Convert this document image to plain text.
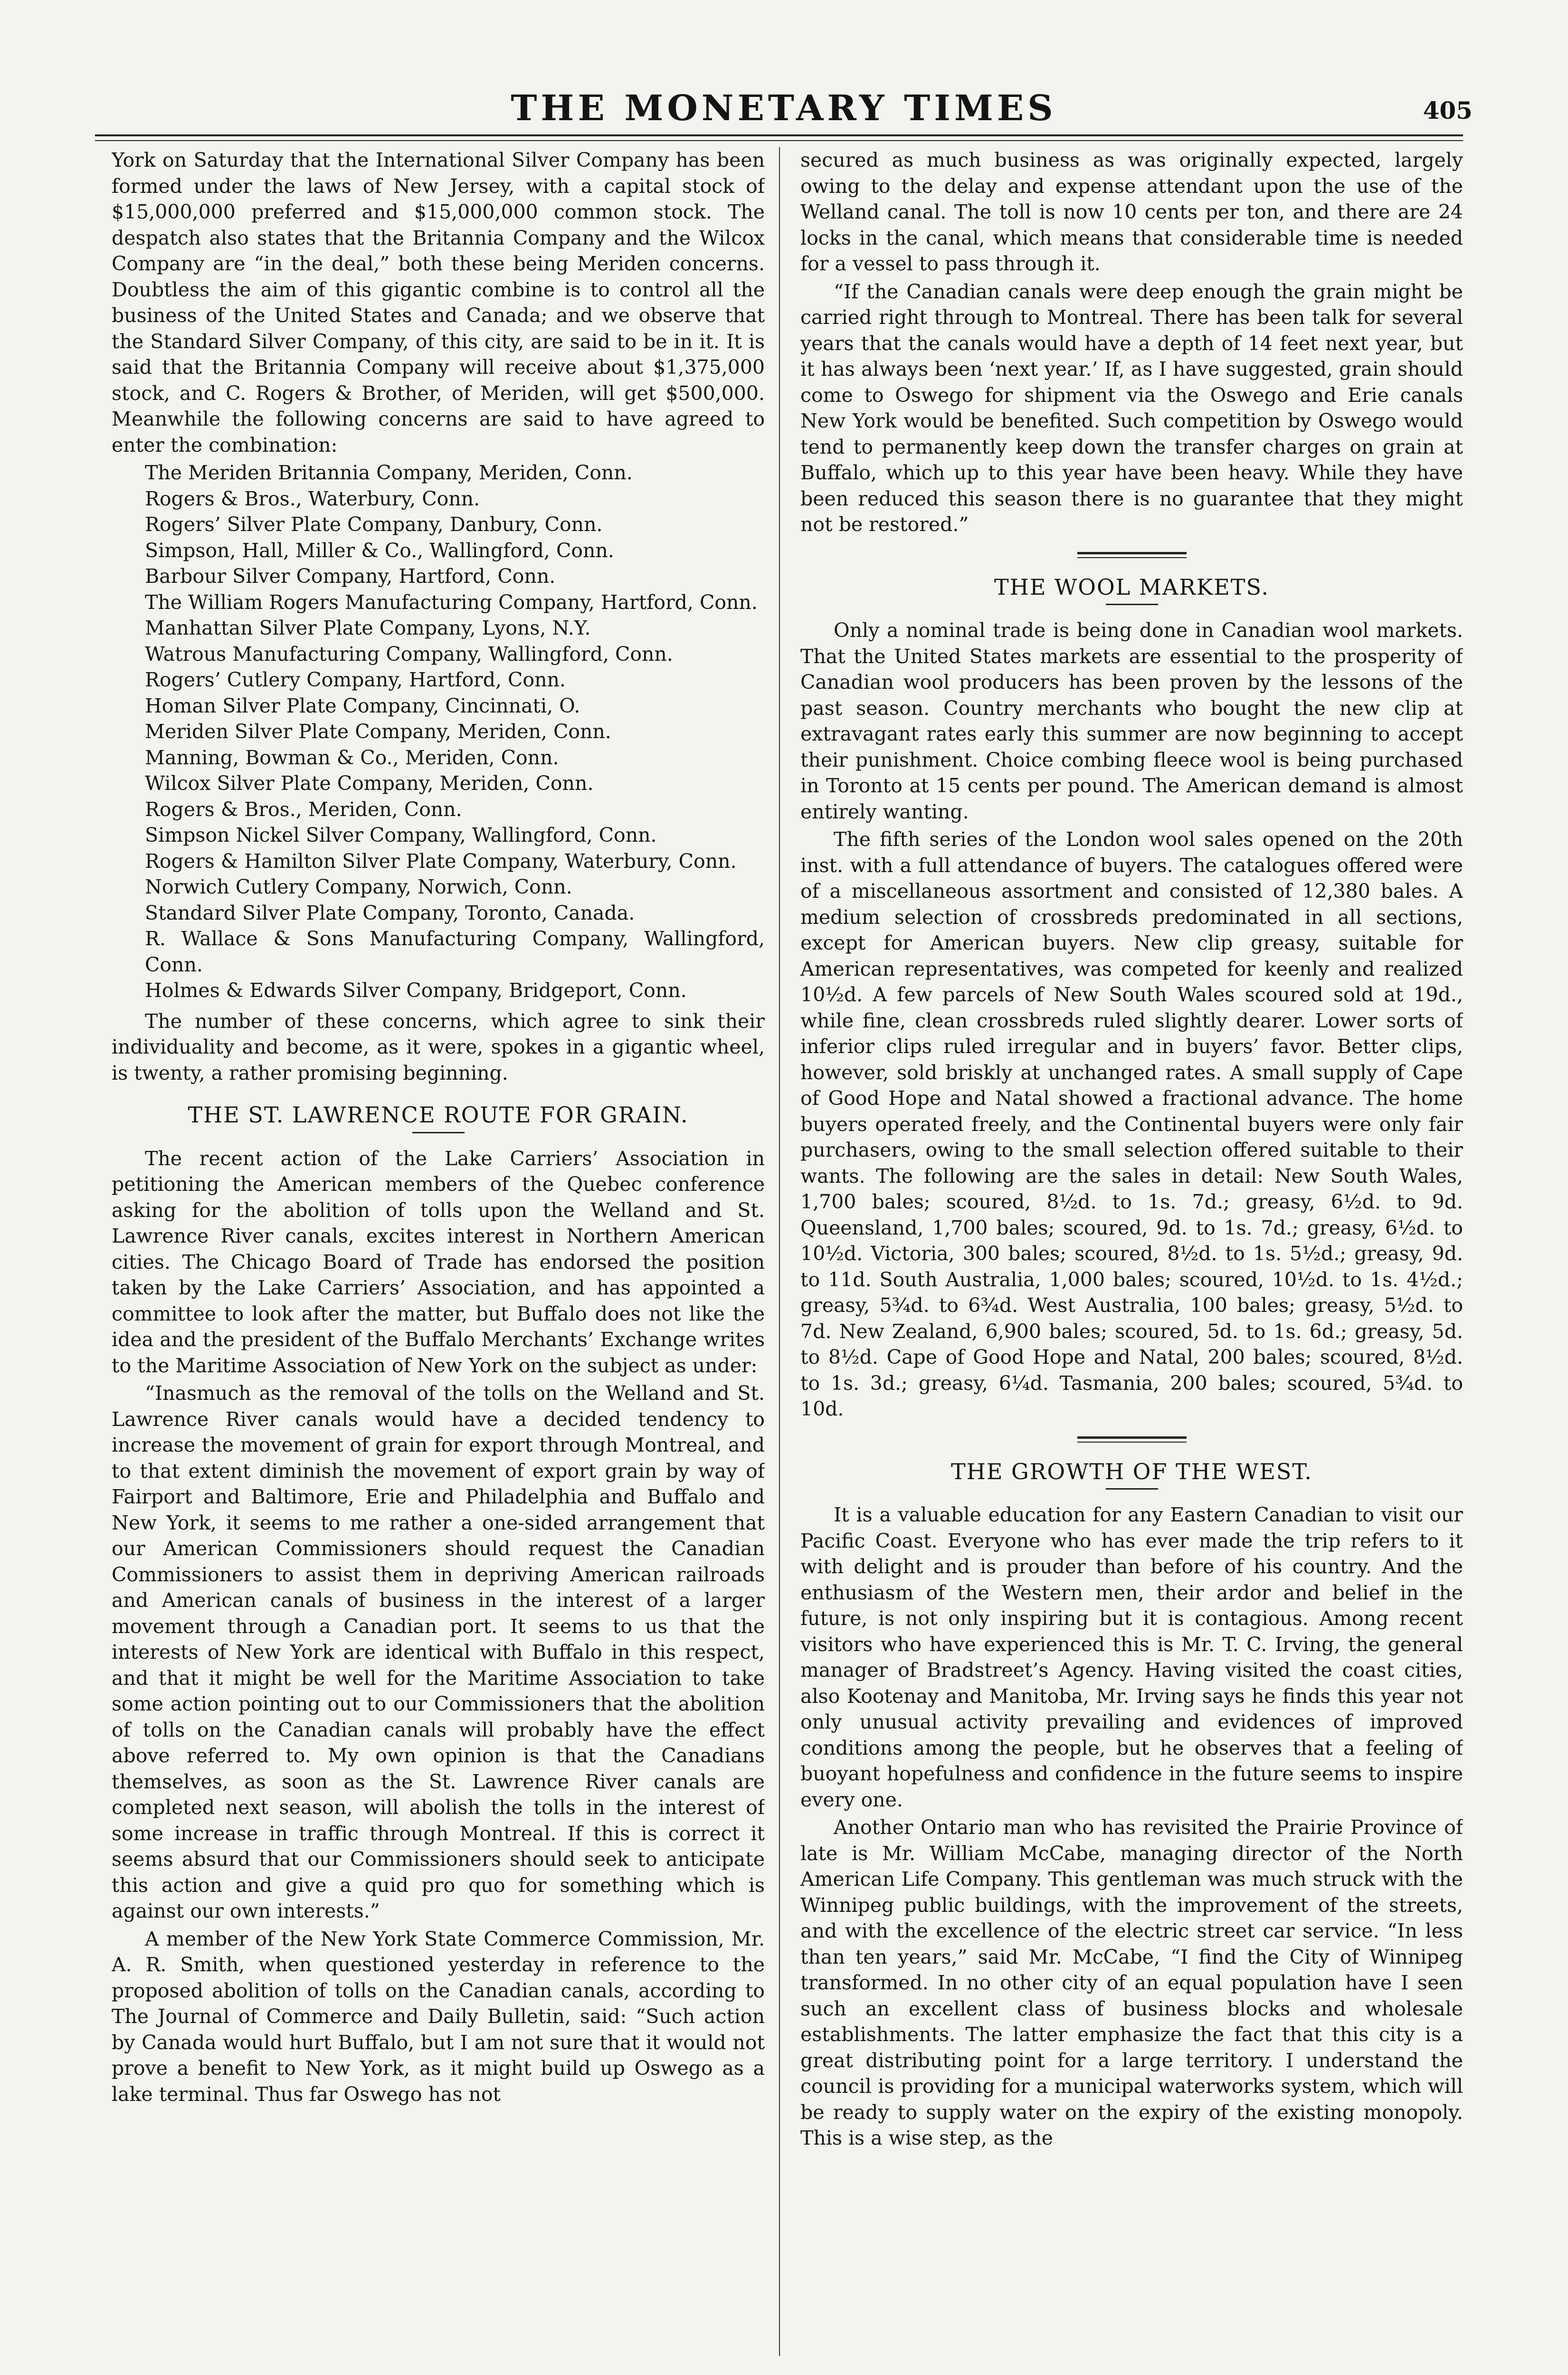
THE MONETARY TIMES	405

York on Saturday that the International Silver Company has been formed under the laws of New Jersey, with a capital stock of $15,000,000 preferred and $15,000,000 common stock. The despatch also states that the Britannia Company and the Wilcox Company are “in the deal,” both these being Meriden concerns. Doubtless the aim of this gigantic combine is to control all the business of the United States and Canada; and we observe that the Standard Silver Company, of this city, are said to be in it. It is said that the Britannia Company will receive about $1,375,000 stock, and C. Rogers & Brother, of Meriden, will get $500,000. Meanwhile the following concerns are said to have agreed to enter the combination:

The Meriden Britannia Company, Meriden, Conn.
Rogers & Bros., Waterbury, Conn.
Rogers’ Silver Plate Company, Danbury, Conn.
Simpson, Hall, Miller & Co., Wallingford, Conn.
Barbour Silver Company, Hartford, Conn.
The William Rogers Manufacturing Company, Hartford, Conn.
Manhattan Silver Plate Company, Lyons, N.Y.
Watrous Manufacturing Company, Wallingford, Conn.
Rogers’ Cutlery Company, Hartford, Conn.
Homan Silver Plate Company, Cincinnati, O.
Meriden Silver Plate Company, Meriden, Conn.
Manning, Bowman & Co., Meriden, Conn.
Wilcox Silver Plate Company, Meriden, Conn.
Rogers & Bros., Meriden, Conn.
Simpson Nickel Silver Company, Wallingford, Conn.
Rogers & Hamilton Silver Plate Company, Waterbury, Conn.
Norwich Cutlery Company, Norwich, Conn.
Standard Silver Plate Company, Toronto, Canada.
R. Wallace & Sons Manufacturing Company, Wallingford, Conn.
Holmes & Edwards Silver Company, Bridgeport, Conn.

The number of these concerns, which agree to sink their individuality and become, as it were, spokes in a gigantic wheel, is twenty, a rather promising beginning.

THE ST. LAWRENCE ROUTE FOR GRAIN.

The recent action of the Lake Carriers’ Association in petitioning the American members of the Quebec conference asking for the abolition of tolls upon the Welland and St. Lawrence River canals, excites interest in Northern American cities. The Chicago Board of Trade has endorsed the position taken by the Lake Carriers’ Association, and has appointed a committee to look after the matter, but Buffalo does not like the idea and the president of the Buffalo Merchants’ Exchange writes to the Maritime Association of New York on the subject as under:

“Inasmuch as the removal of the tolls on the Welland and St. Lawrence River canals would have a decided tendency to increase the movement of grain for export through Montreal, and to that extent diminish the movement of export grain by way of Fairport and Baltimore, Erie and Philadelphia and Buffalo and New York, it seems to me rather a one-sided arrangement that our American Commissioners should request the Canadian Commissioners to assist them in depriving American railroads and American canals of business in the interest of a larger movement through a Canadian port. It seems to us that the interests of New York are identical with Buffalo in this respect, and that it might be well for the Maritime Association to take some action pointing out to our Commissioners that the abolition of tolls on the Canadian canals will probably have the effect above referred to. My own opinion is that the Canadians themselves, as soon as the St. Lawrence River canals are completed next season, will abolish the tolls in the interest of some increase in traffic through Montreal. If this is correct it seems absurd that our Commissioners should seek to anticipate this action and give a quid pro quo for something which is against our own interests.”

A member of the New York State Commerce Commission, Mr. A. R. Smith, when questioned yesterday in reference to the proposed abolition of tolls on the Canadian canals, according to The Journal of Commerce and Daily Bulletin, said: “Such action by Canada would hurt Buffalo, but I am not sure that it would not prove a benefit to New York, as it might build up Oswego as a lake terminal. Thus far Oswego has not

secured as much business as was originally expected, largely owing to the delay and expense attendant upon the use of the Welland canal. The toll is now 10 cents per ton, and there are 24 locks in the canal, which means that considerable time is needed for a vessel to pass through it.

“If the Canadian canals were deep enough the grain might be carried right through to Montreal. There has been talk for several years that the canals would have a depth of 14 feet next year, but it has always been ‘next year.’ If, as I have suggested, grain should come to Oswego for shipment via the Oswego and Erie canals New York would be benefited. Such competition by Oswego would tend to permanently keep down the transfer charges on grain at Buffalo, which up to this year have been heavy. While they have been reduced this season there is no guarantee that they might not be restored.”

THE WOOL MARKETS.

Only a nominal trade is being done in Canadian wool markets. That the United States markets are essential to the prosperity of Canadian wool producers has been proven by the lessons of the past season. Country merchants who bought the new clip at extravagant rates early this summer are now beginning to accept their punishment. Choice combing fleece wool is being purchased in Toronto at 15 cents per pound. The American demand is almost entirely wanting.

The fifth series of the London wool sales opened on the 20th inst. with a full attendance of buyers. The catalogues offered were of a miscellaneous assortment and consisted of 12,380 bales. A medium selection of crossbreds predominated in all sections, except for American buyers. New clip greasy, suitable for American representatives, was competed for keenly and realized 10½d. A few parcels of New South Wales scoured sold at 19d., while fine, clean crossbreds ruled slightly dearer. Lower sorts of inferior clips ruled irregular and in buyers’ favor. Better clips, however, sold briskly at unchanged rates. A small supply of Cape of Good Hope and Natal showed a fractional advance. The home buyers operated freely, and the Continental buyers were only fair purchasers, owing to the small selection offered suitable to their wants. The following are the sales in detail: New South Wales, 1,700 bales; scoured, 8½d. to 1s. 7d.; greasy, 6½d. to 9d. Queensland, 1,700 bales; scoured, 9d. to 1s. 7d.; greasy, 6½d. to 10½d. Victoria, 300 bales; scoured, 8½d. to 1s. 5½d.; greasy, 9d. to 11d. South Australia, 1,000 bales; scoured, 10½d. to 1s. 4½d.; greasy, 5¾d. to 6¾d. West Australia, 100 bales; greasy, 5½d. to 7d. New Zealand, 6,900 bales; scoured, 5d. to 1s. 6d.; greasy, 5d. to 8½d. Cape of Good Hope and Natal, 200 bales; scoured, 8½d. to 1s. 3d.; greasy, 6¼d. Tasmania, 200 bales; scoured, 5¾d. to 10d.

THE GROWTH OF THE WEST.

It is a valuable education for any Eastern Canadian to visit our Pacific Coast. Everyone who has ever made the trip refers to it with delight and is prouder than before of his country. And the enthusiasm of the Western men, their ardor and belief in the future, is not only inspiring but it is contagious. Among recent visitors who have experienced this is Mr. T. C. Irving, the general manager of Bradstreet’s Agency. Having visited the coast cities, also Kootenay and Manitoba, Mr. Irving says he finds this year not only unusual activity prevailing and evidences of improved conditions among the people, but he observes that a feeling of buoyant hopefulness and confidence in the future seems to inspire every one.

Another Ontario man who has revisited the Prairie Province of late is Mr. William McCabe, managing director of the North American Life Company. This gentleman was much struck with the Winnipeg public buildings, with the improvement of the streets, and with the excellence of the electric street car service. “In less than ten years,” said Mr. McCabe, “I find the City of Winnipeg transformed. In no other city of an equal population have I seen such an excellent class of business blocks and wholesale establishments. The latter emphasize the fact that this city is a great distributing point for a large territory. I understand the council is providing for a municipal waterworks system, which will be ready to supply water on the expiry of the existing monopoly. This is a wise step, as the
